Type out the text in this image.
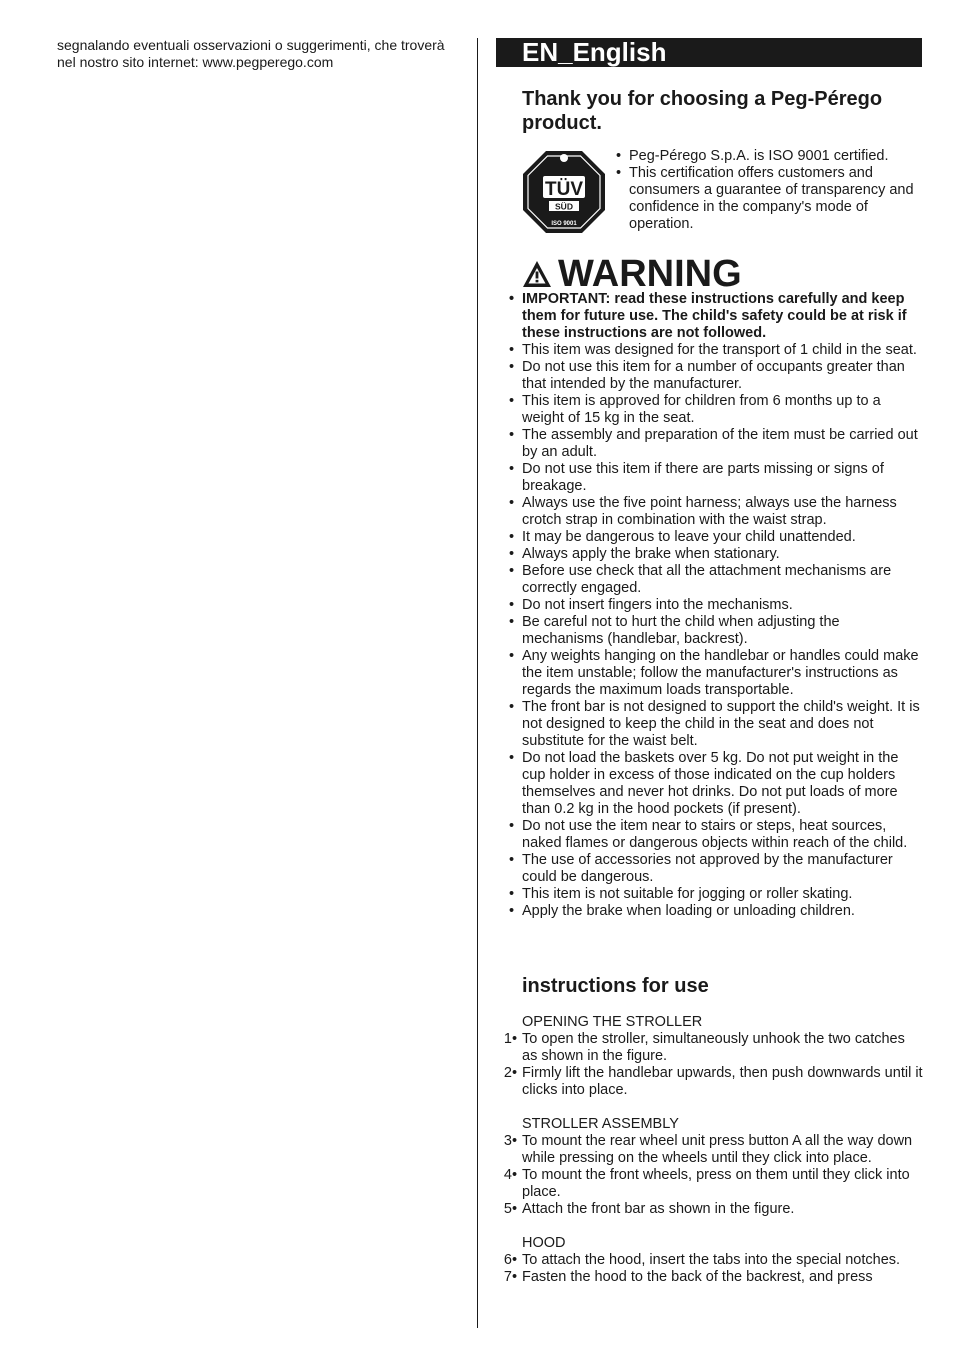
segnalando eventuali osservazioni o suggerimenti, che troverà nel nostro sito internet: www.pegperego.com	EN_English
Thank you for choosing a Peg-Pérego product.
TÜV
SÜD
ISO 9001
• Peg-Pérego S.p.A. is ISO 9001 certified.
• This certification offers customers and consumers a guarantee of transparency and confidence in the company's mode of operation.
WARNING
• IMPORTANT: read these instructions carefully and keep them for future use. The child's safety could be at risk if these instructions are not followed.
• This item was designed for the transport of 1 child in the seat.
• Do not use this item for a number of occupants greater than that intended by the manufacturer.
• This item is approved for children from 6 months up to a weight of 15 kg in the seat.
• The assembly and preparation of the item must be carried out by an adult.
• Do not use this item if there are parts missing or signs of breakage.
• Always use the five point harness; always use the harness crotch strap in combination with the waist strap.
• It may be dangerous to leave your child unattended.
• Always apply the brake when stationary.
• Before use check that all the attachment mechanisms are correctly engaged.
• Do not insert fingers into the mechanisms.
• Be careful not to hurt the child when adjusting the mechanisms (handlebar, backrest).
• Any weights hanging on the handlebar or handles could make the item unstable; follow the manufacturer's instructions as regards the maximum loads transportable.
• The front bar is not designed to support the child's weight. It is not designed to keep the child in the seat and does not substitute for the waist belt.
• Do not load the baskets over 5 kg. Do not put weight in the cup holder in excess of those indicated on the cup holders themselves and never hot drinks. Do not put loads of more than 0.2 kg in the hood pockets (if present).
• Do not use the item near to stairs or steps, heat sources, naked flames or dangerous objects within reach of the child.
• The use of accessories not approved by the manufacturer could be dangerous.
• This item is not suitable for jogging or roller skating.
• Apply the brake when loading or unloading children.
instructions for use
OPENING THE STROLLER
1 • To open the stroller, simultaneously unhook the two catches as shown in the figure.
2 • Firmly lift the handlebar upwards, then push downwards until it clicks into place.
STROLLER ASSEMBLY
3 • To mount the rear wheel unit press button A all the way down while pressing on the wheels until they click into place.
4 • To mount the front wheels, press on them until they click into place.
5 • Attach the front bar as shown in the figure.
HOOD
6 • To attach the hood, insert the tabs into the special notches.
7 • Fasten the hood to the back of the backrest, and press
